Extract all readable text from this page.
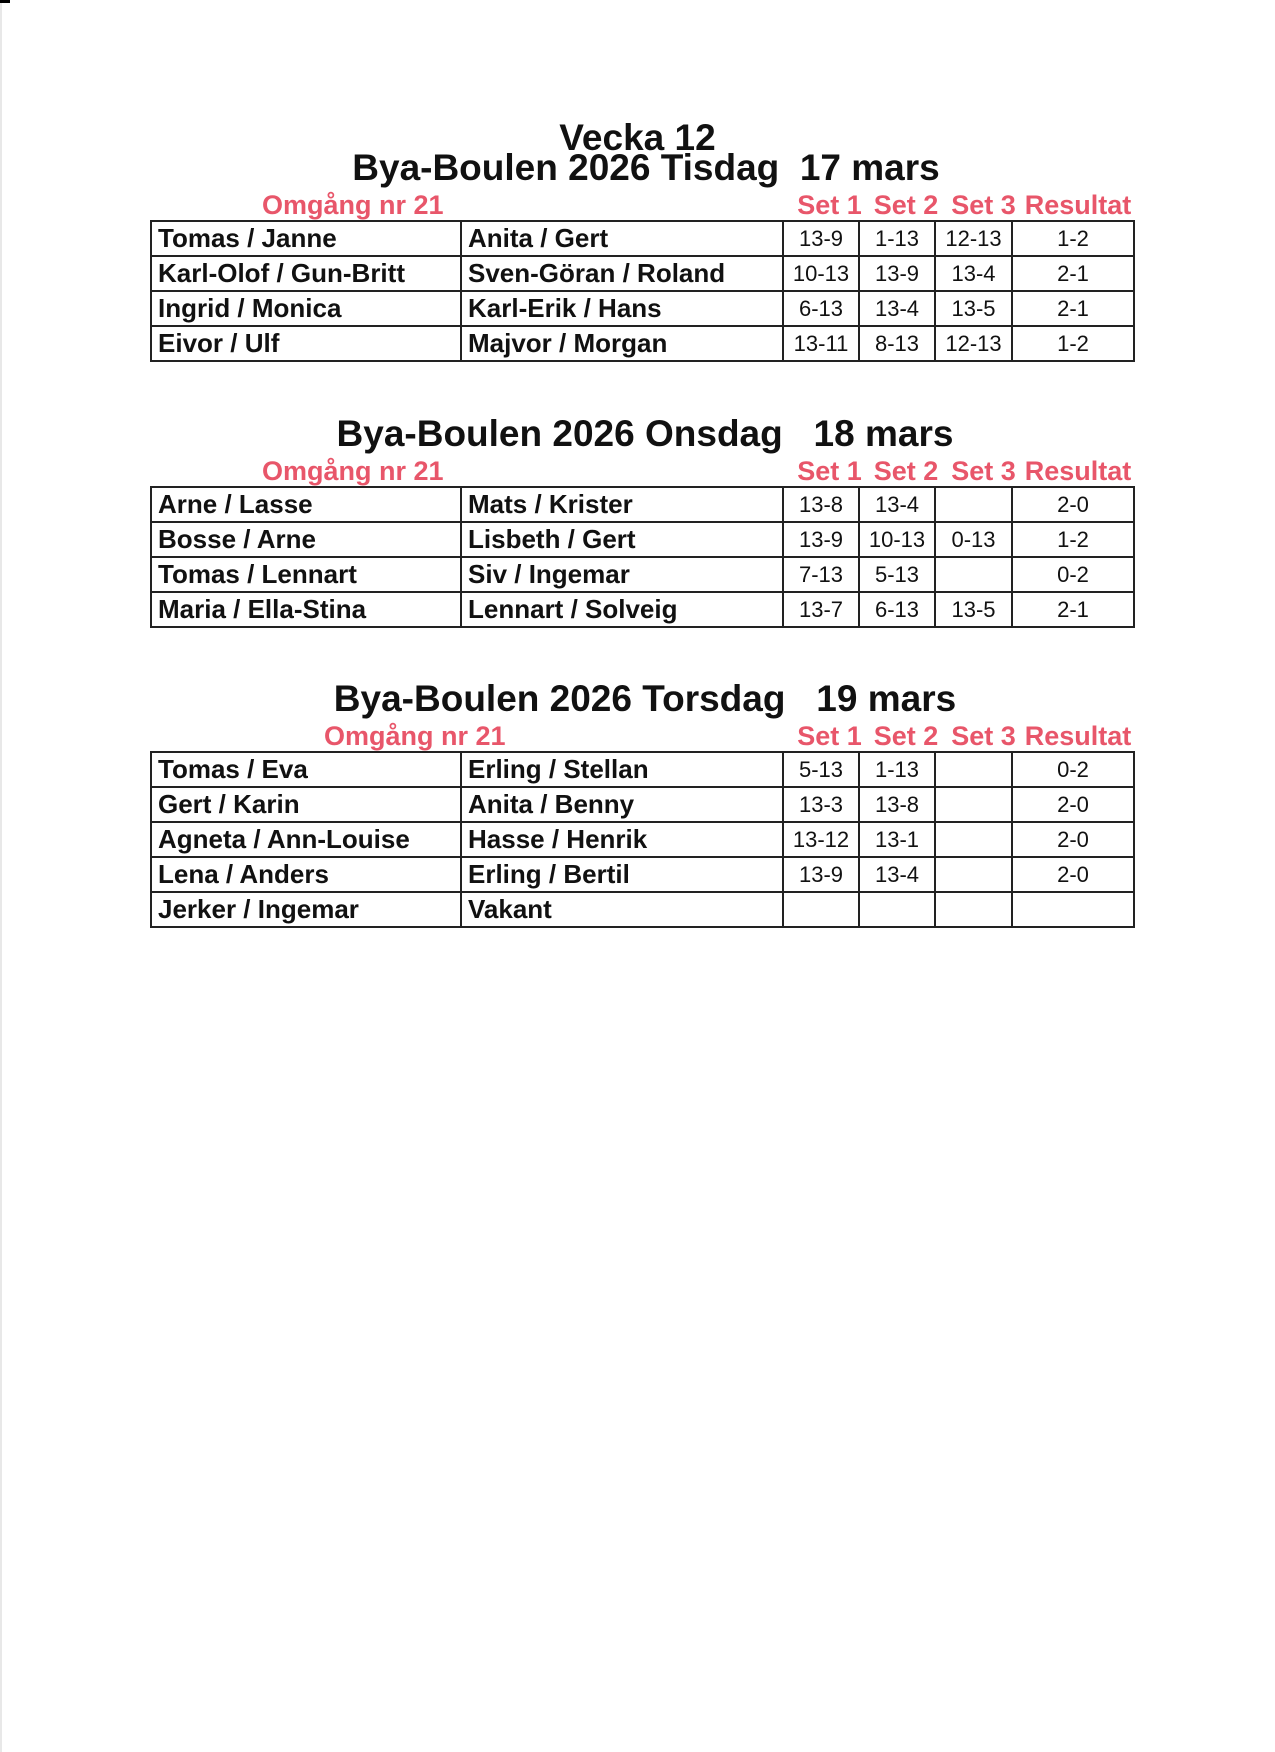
Vecka 12
Bya-Boulen 2026 Tisdag  17 mars
Omgång nr 21	Set 1 Set 2 Set 3 Resultat
Tomas / Janne	Anita / Gert	13-9	1-13	12-13	1-2
Karl-Olof / Gun-Britt	Sven-Göran / Roland	10-13	13-9	13-4	2-1
Ingrid / Monica	Karl-Erik / Hans	6-13	13-4	13-5	2-1
Eivor / Ulf	Majvor / Morgan	13-11	8-13	12-13	1-2
Bya-Boulen 2026 Onsdag   18 mars
Omgång nr 21	Set 1 Set 2 Set 3 Resultat
Arne / Lasse	Mats / Krister	13-8	13-4		2-0
Bosse / Arne	Lisbeth / Gert	13-9	10-13	0-13	1-2
Tomas / Lennart	Siv / Ingemar	7-13	5-13		0-2
Maria / Ella-Stina	Lennart / Solveig	13-7	6-13	13-5	2-1
Bya-Boulen 2026 Torsdag   19 mars
Omgång nr 21	Set 1 Set 2 Set 3 Resultat
Tomas / Eva	Erling / Stellan	5-13	1-13		0-2
Gert / Karin	Anita / Benny	13-3	13-8		2-0
Agneta / Ann-Louise	Hasse / Henrik	13-12	13-1		2-0
Lena / Anders	Erling / Bertil	13-9	13-4		2-0
Jerker / Ingemar	Vakant				
